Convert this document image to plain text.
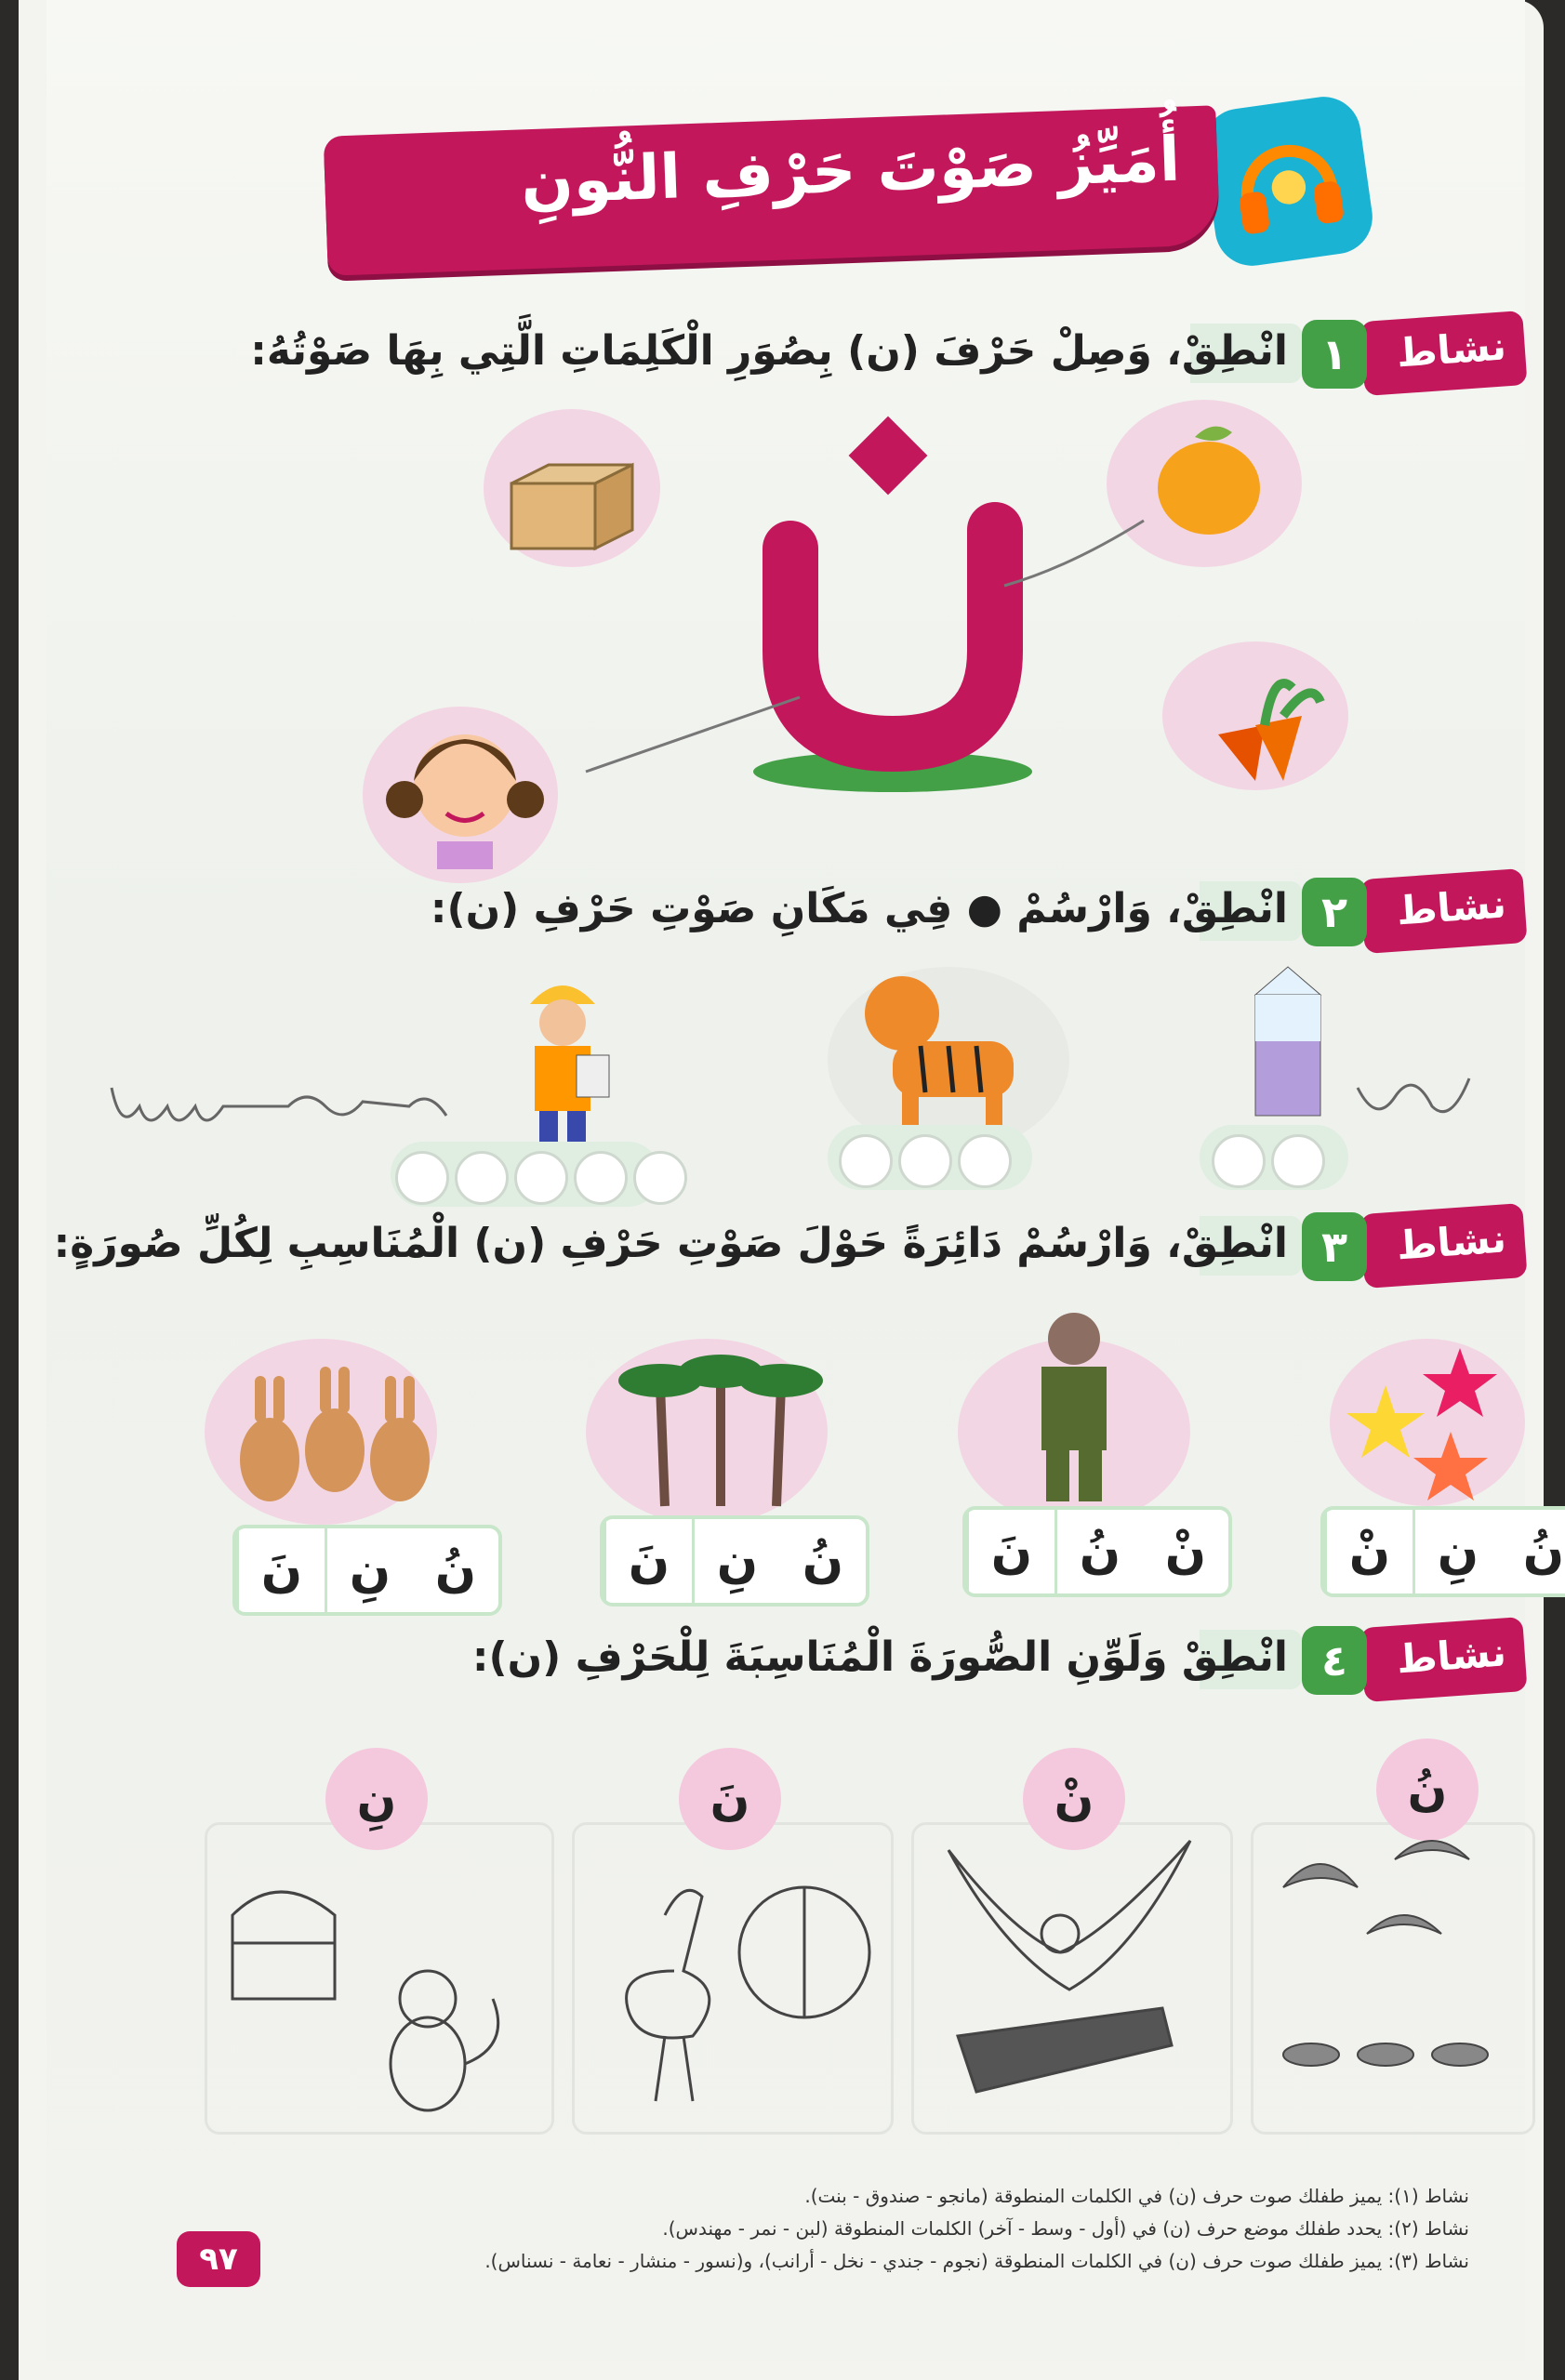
أُمَيِّزُ صَوْتَ حَرْفِ النُّونِ
نشاط
١
انْطِقْ، وَصِلْ حَرْفَ (ن) بِصُوَرِ الْكَلِمَاتِ الَّتِي بِهَا صَوْتُهُ:
نشاط
٢
انْطِقْ، وَارْسُمْ ● فِي مَكَانِ صَوْتِ حَرْفِ (ن):
نشاط
٣
انْطِقْ، وَارْسُمْ دَائِرَةً حَوْلَ صَوْتِ حَرْفِ (ن) الْمُنَاسِبِ لِكُلِّ صُورَةٍ:
نَ نِ نُ	نَ نِ نُ	نَ نُ نْ	نْ نِ نُ
نشاط
٤
انْطِقْ وَلَوِّنِ الصُّورَةَ الْمُنَاسِبَةَ لِلْحَرْفِ (ن):
نِ	نَ	نْ	نُ
نشاط (١): يميز طفلك صوت حرف (ن) في الكلمات المنطوقة (مانجو - صندوق - بنت).
نشاط (٢): يحدد طفلك موضع حرف (ن) في (أول - وسط - آخر) الكلمات المنطوقة (لبن - نمر - مهندس).
نشاط (٣): يميز طفلك صوت حرف (ن) في الكلمات المنطوقة (نجوم - جندي - نخل - أرانب)، و(نسور - منشار - نعامة - نسناس).
٩٧
